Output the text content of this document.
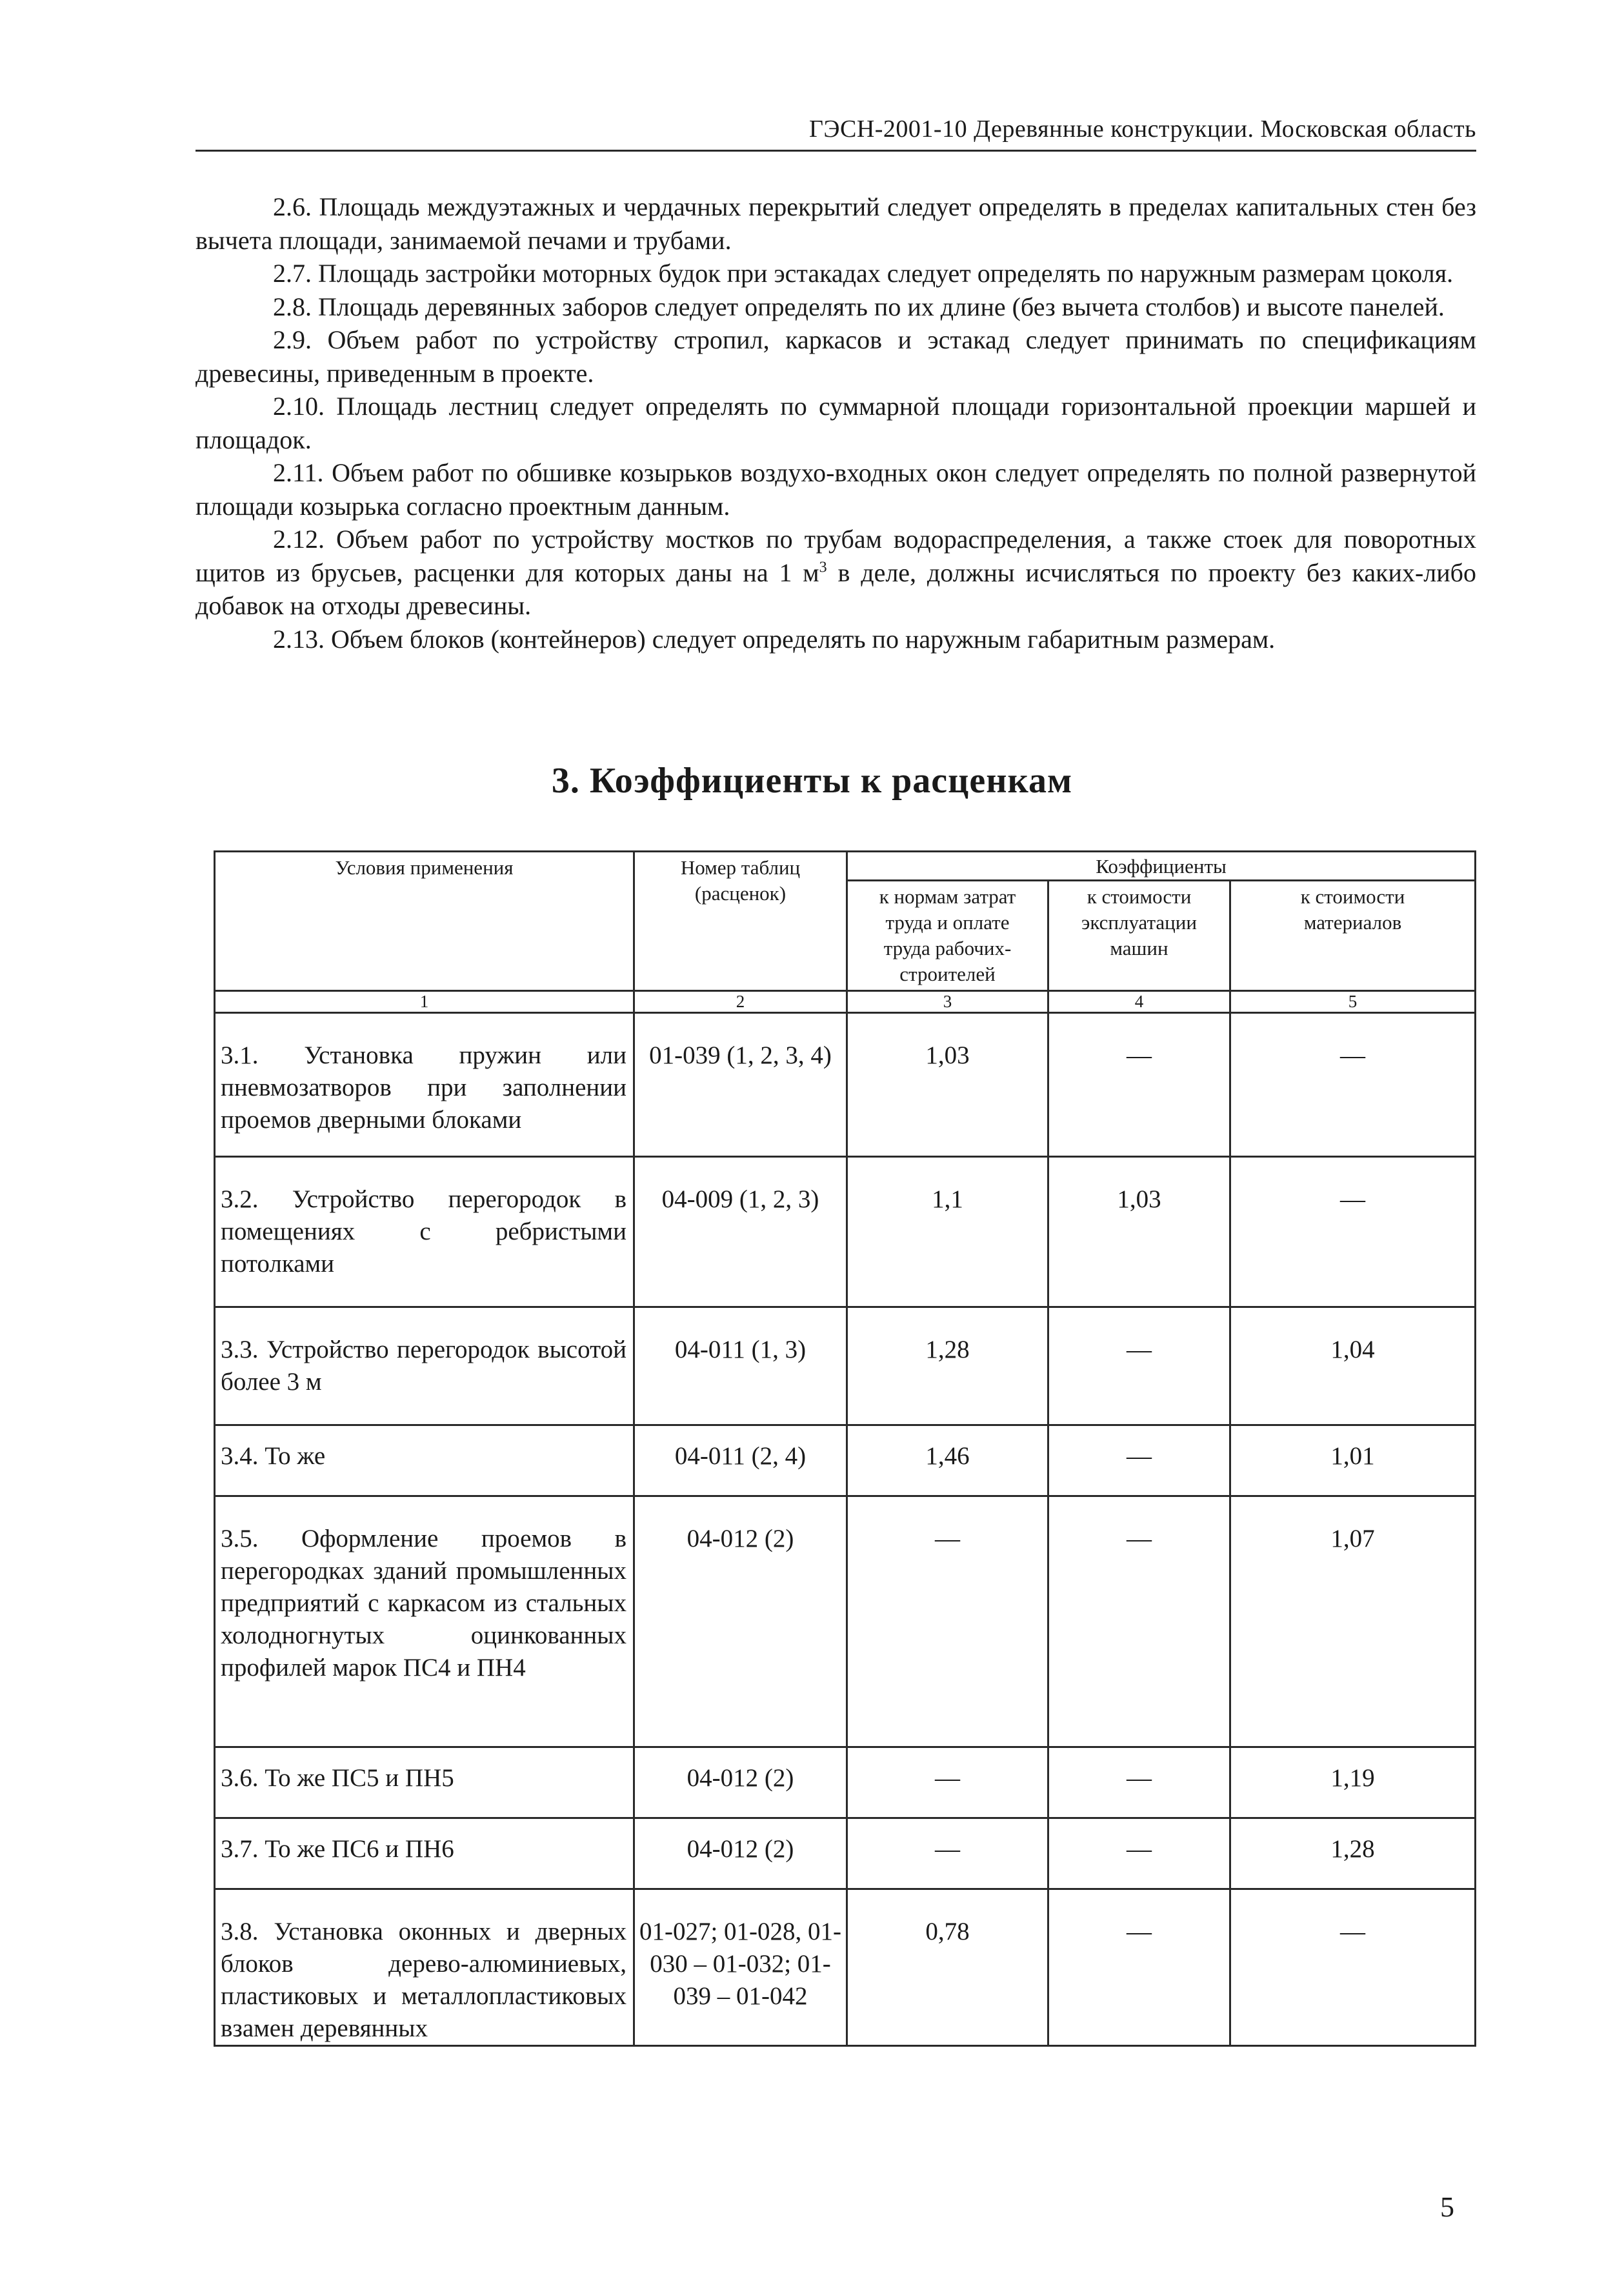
ГЭСН-2001-10 Деревянные конструкции. Московская область

2.6. Площадь междуэтажных и чердачных перекрытий следует определять в пределах капитальных стен без вычета площади, занимаемой печами и трубами.

2.7. Площадь застройки моторных будок при эстакадах следует определять по наружным размерам цоколя.

2.8. Площадь деревянных заборов следует определять по их длине (без вычета столбов) и высоте панелей.

2.9. Объем работ по устройству стропил, каркасов и эстакад следует принимать по спецификациям древесины, приведенным в проекте.

2.10. Площадь лестниц следует определять по суммарной площади горизонтальной проекции маршей и площадок.

2.11. Объем работ по обшивке козырьков воздухо-входных окон следует определять по полной развернутой площади козырька согласно проектным данным.

2.12. Объем работ по устройству мостков по трубам водораспределения, а также стоек для поворотных щитов из брусьев, расценки для которых даны на 1 $м^3$ в деле, должны исчисляться по проекту без каких-либо добавок на отходы древесины.

2.13. Объем блоков (контейнеров) следует определять по наружным габаритным размерам.

3. Коэффициенты к расценкам
Условия применения	Номер таблиц (расценок)	Коэффициенты		
		к нормам затрат труда и оплате труда рабочих-строителей	к стоимости эксплуатации машин	к стоимости материалов
1	2	3	4	5
3.1. Установка пружин или пневмозатворов при заполнении проемов дверными блоками	01-039 (1, 2, 3, 4)	1,03	—	—
3.2. Устройство перегородок в помещениях с ребристыми потолками	04-009 (1, 2, 3)	1,1	1,03	—
3.3. Устройство перегородок высотой более 3 м	04-011 (1, 3)	1,28	—	1,04
3.4. То же	04-011 (2, 4)	1,46	—	1,01
3.5. Оформление проемов в перегородках зданий промышленных предприятий с каркасом из стальных холодногнутых оцинкованных профилей марок ПС4 и ПН4	04-012 (2)	—	—	1,07
3.6. То же ПС5 и ПН5	04-012 (2)	—	—	1,19
3.7. То же ПС6 и ПН6	04-012 (2)	—	—	1,28
3.8. Установка оконных и дверных блоков дерево-алюминиевых, пластиковых и металлопластиковых взамен деревянных	01-027; 01-028, 01-030 – 01-032; 01-039 – 01-042	0,78	—	—
5
